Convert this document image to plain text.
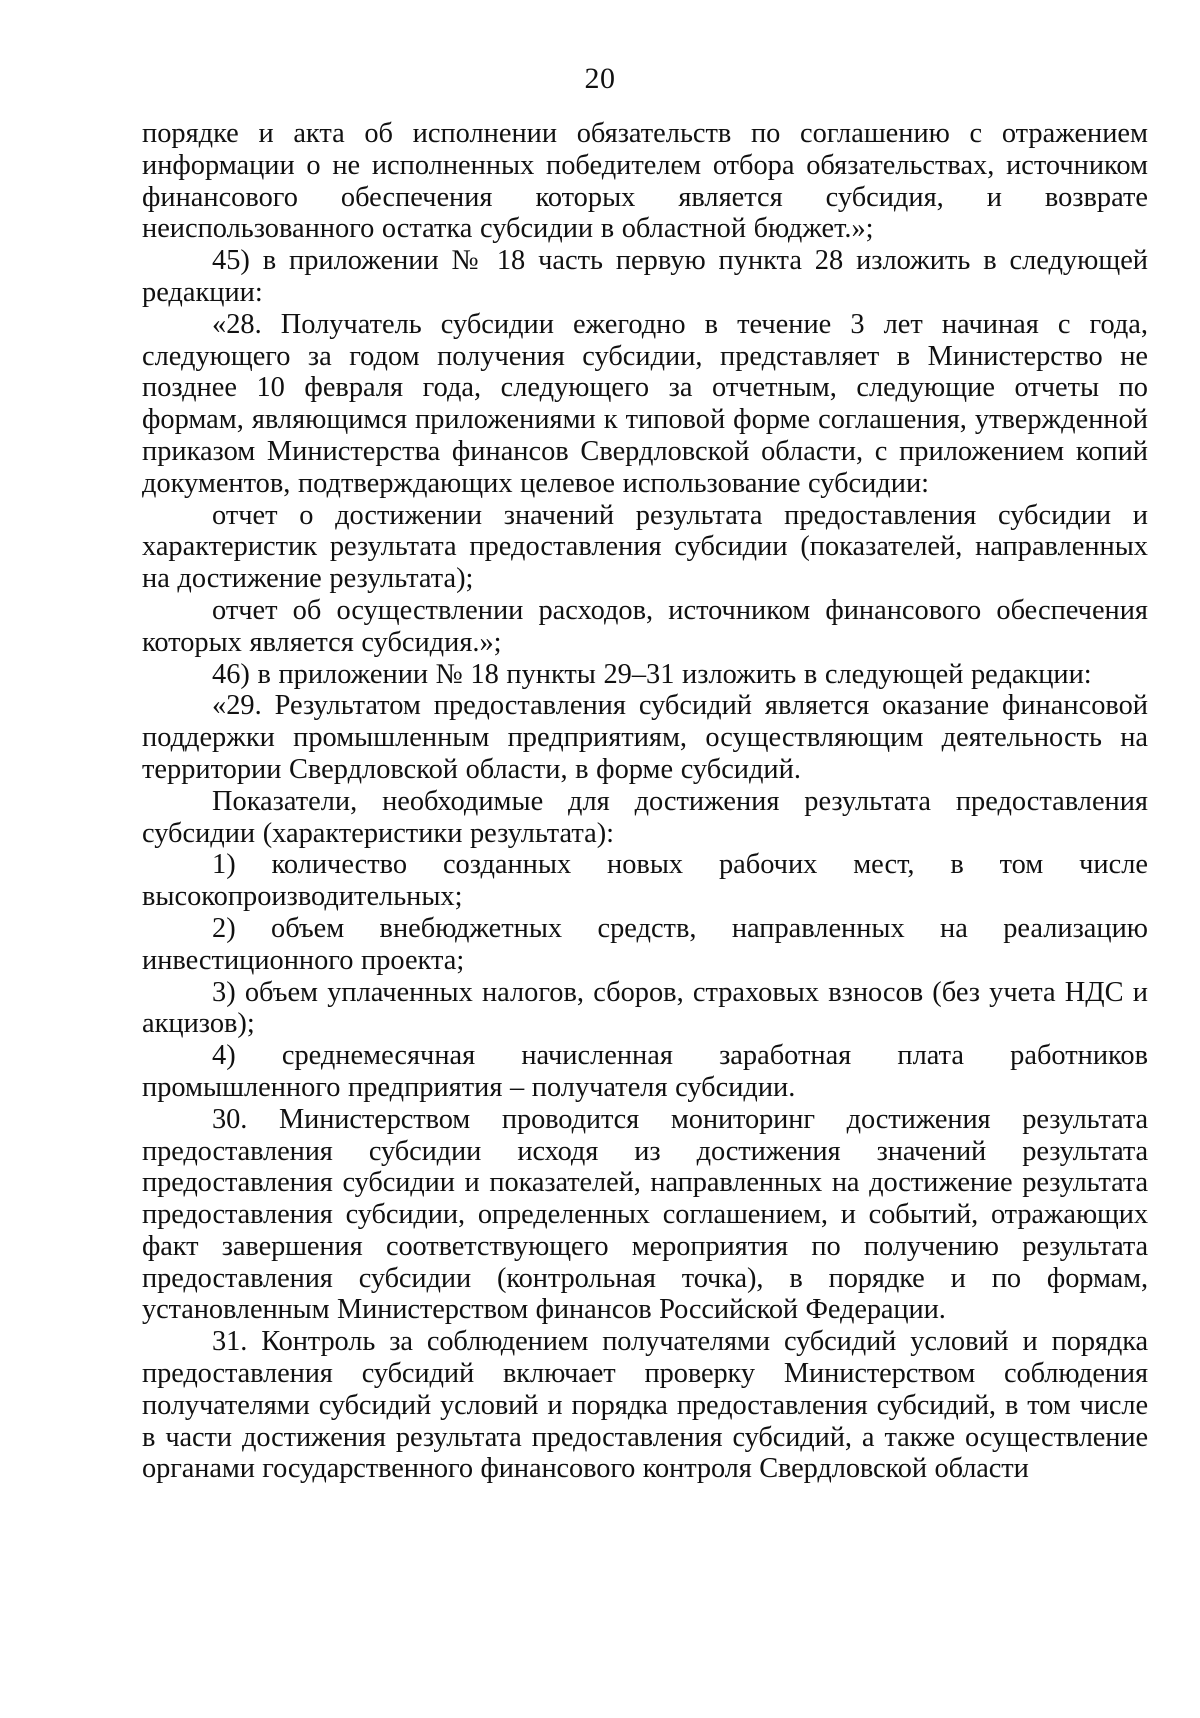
20

порядке и акта об исполнении обязательств по соглашению с отражением информации о не исполненных победителем отбора обязательствах, источником финансового обеспечения которых является субсидия, и возврате неиспользованного остатка субсидии в областной бюджет.»;

45) в приложении № 18 часть первую пункта 28 изложить в следующей редакции:

«28. Получатель субсидии ежегодно в течение 3 лет начиная с года, следующего за годом получения субсидии, представляет в Министерство не позднее 10 февраля года, следующего за отчетным, следующие отчеты по формам, являющимся приложениями к типовой форме соглашения, утвержденной приказом Министерства финансов Свердловской области, с приложением копий документов, подтверждающих целевое использование субсидии:

отчет о достижении значений результата предоставления субсидии и характеристик результата предоставления субсидии (показателей, направленных на достижение результата);

отчет об осуществлении расходов, источником финансового обеспечения которых является субсидия.»;

46) в приложении № 18 пункты 29–31 изложить в следующей редакции:

«29. Результатом предоставления субсидий является оказание финансовой поддержки промышленным предприятиям, осуществляющим деятельность на территории Свердловской области, в форме субсидий.

Показатели, необходимые для достижения результата предоставления субсидии (характеристики результата):

1) количество созданных новых рабочих мест, в том числе высокопроизводительных;

2) объем внебюджетных средств, направленных на реализацию инвестиционного проекта;

3) объем уплаченных налогов, сборов, страховых взносов (без учета НДС и акцизов);

4) среднемесячная начисленная заработная плата работников промышленного предприятия – получателя субсидии.

30. Министерством проводится мониторинг достижения результата предоставления субсидии исходя из достижения значений результата предоставления субсидии и показателей, направленных на достижение результата предоставления субсидии, определенных соглашением, и событий, отражающих факт завершения соответствующего мероприятия по получению результата предоставления субсидии (контрольная точка), в порядке и по формам, установленным Министерством финансов Российской Федерации.

31. Контроль за соблюдением получателями субсидий условий и порядка предоставления субсидий включает проверку Министерством соблюдения получателями субсидий условий и порядка предоставления субсидий, в том числе в части достижения результата предоставления субсидий, а также осуществление органами государственного финансового контроля Свердловской области
